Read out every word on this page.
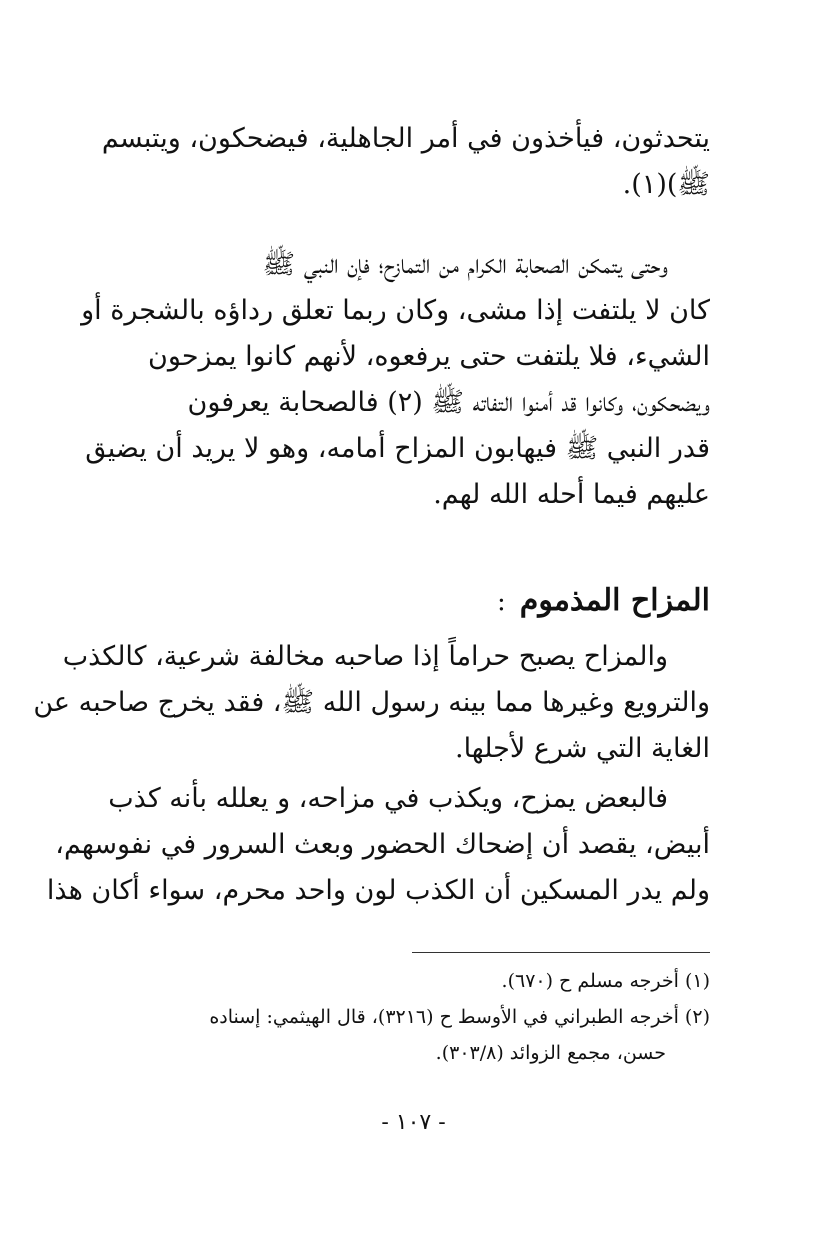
يتحدثون، فيأخذون في أمر الجاهلية، فيضحكون، ويتبسم
ﷺ)(١).
وحتى يتمكن الصحابة الكرام من التمازح؛ فإن النبي ﷺ
كان لا يلتفت إذا مشى، وكان ربما تعلق رداؤه بالشجرة أو
الشيء، فلا يلتفت حتى يرفعوه، لأنهم كانوا يمزحون
ويضحكون، وكانوا قد أمنوا التفاته ﷺ (٢) فالصحابة يعرفون
قدر النبي ﷺ فيهابون المزاح أمامه، وهو لا يريد أن يضيق
عليهم فيما أحله الله لهم.
المزاح المذموم:
والمزاح يصبح حراماً إذا صاحبه مخالفة شرعية، كالكذب
والترويع وغيرها مما بينه رسول الله ﷺ، فقد يخرج صاحبه عن
الغاية التي شرع لأجلها.
فالبعض يمزح، ويكذب في مزاحه، و يعلله بأنه كذب
أبيض، يقصد أن إضحاك الحضور وبعث السرور في نفوسهم،
ولم يدر المسكين أن الكذب لون واحد محرم، سواء أكان هذا
(١) أخرجه مسلم ح (٦٧٠).
(٢) أخرجه الطبراني في الأوسط ح (٣٢١٦)، قال الهيثمي: إسناده
حسن، مجمع الزوائد (٣٠٣/٨).
- ١٠٧ -
